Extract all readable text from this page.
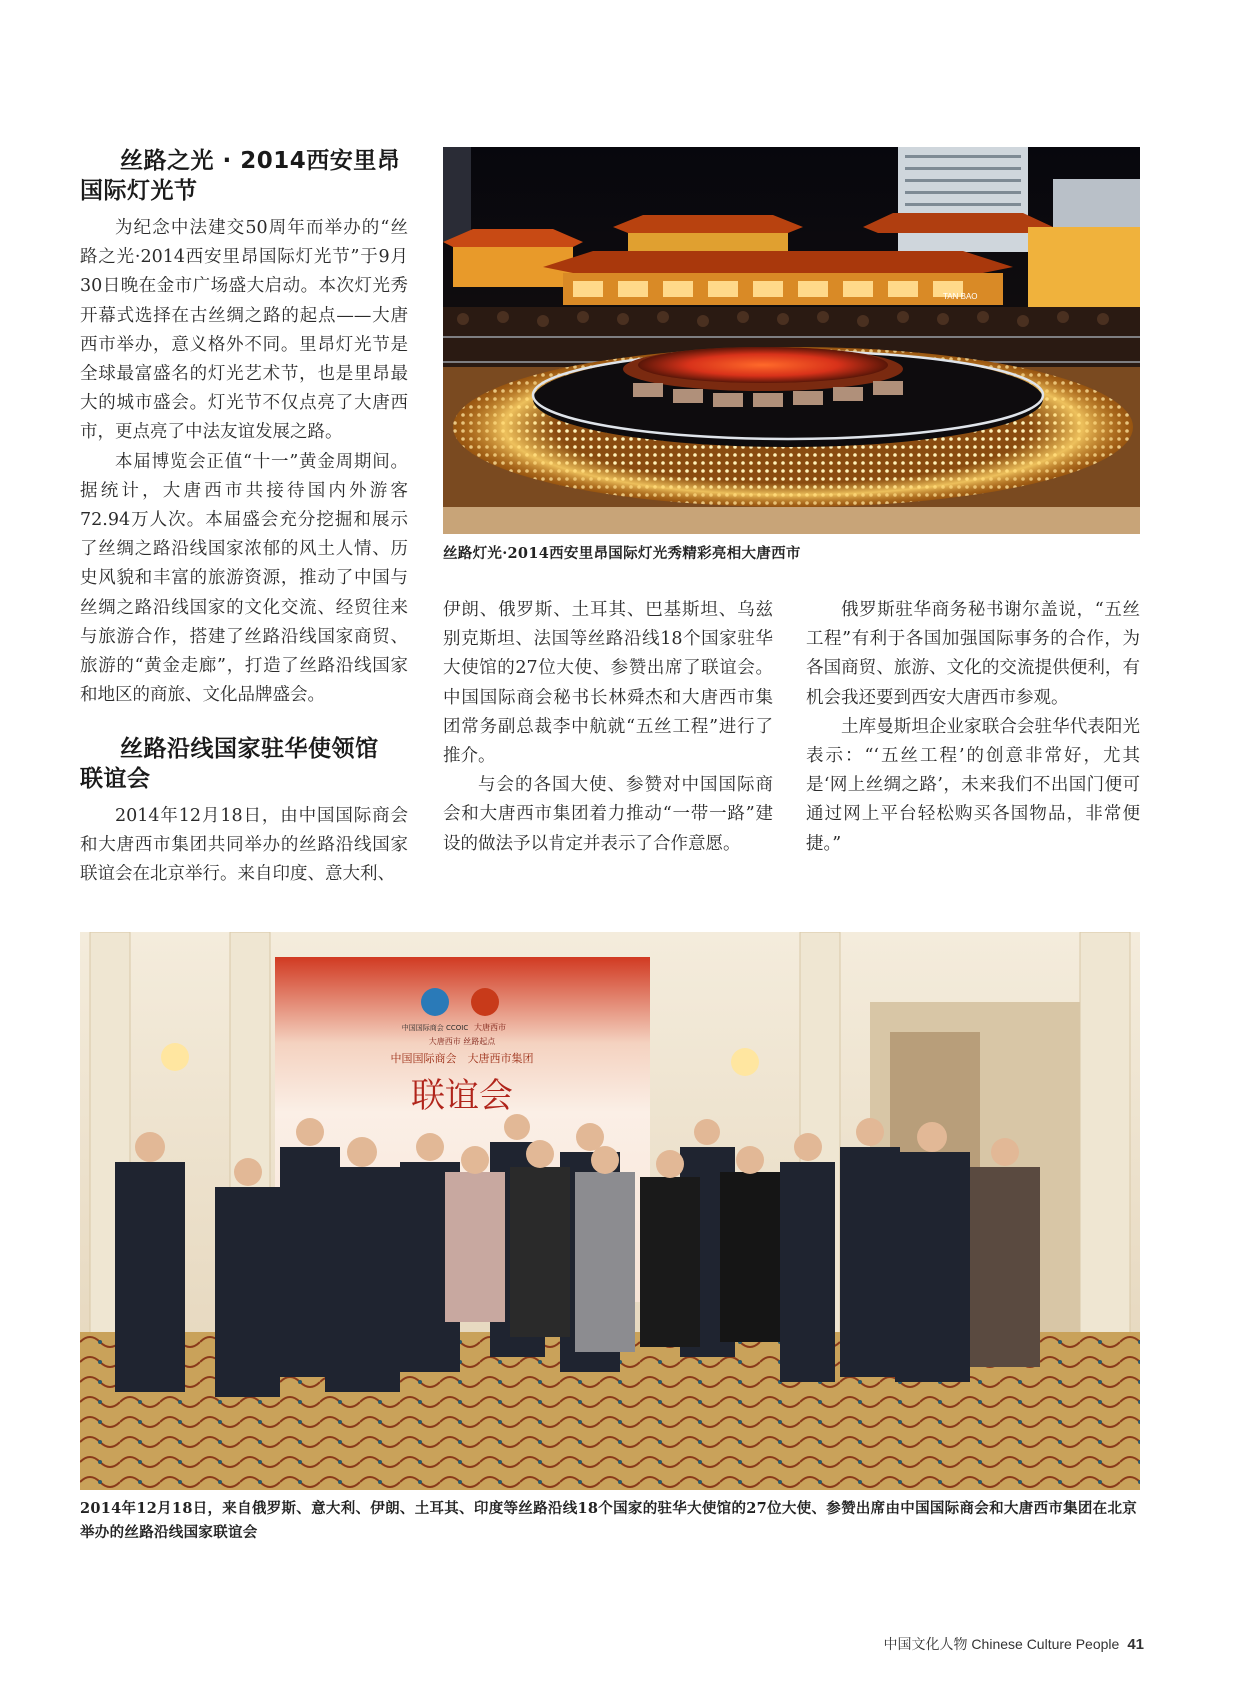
丝路之光 · 2014西安里昂
国际灯光节

为纪念中法建交50周年而举办的“丝路之光·2014西安里昂国际灯光节”于9月30日晚在金市广场盛大启动。本次灯光秀开幕式选择在古丝绸之路的起点——大唐西市举办，意义格外不同。里昂灯光节是全球最富盛名的灯光艺术节，也是里昂最大的城市盛会。灯光节不仅点亮了大唐西市，更点亮了中法友谊发展之路。

本届博览会正值“十一”黄金周期间。据统计，大唐西市共接待国内外游客72.94万人次。本届盛会充分挖掘和展示了丝绸之路沿线国家浓郁的风土人情、历史风貌和丰富的旅游资源，推动了中国与丝绸之路沿线国家的文化交流、经贸往来与旅游合作，搭建了丝路沿线国家商贸、旅游的“黄金走廊”，打造了丝路沿线国家和地区的商旅、文化品牌盛会。

TAN BAO
丝路灯光·2014西安里昂国际灯光秀精彩亮相大唐西市
丝路沿线国家驻华使领馆
联谊会

2014年12月18日，由中国国际商会和大唐西市集团共同举办的丝路沿线国家联谊会在北京举行。来自印度、意大利、

伊朗、俄罗斯、土耳其、巴基斯坦、乌兹别克斯坦、法国等丝路沿线18个国家驻华大使馆的27位大使、参赞出席了联谊会。中国国际商会秘书长林舜杰和大唐西市集团常务副总裁李中航就“五丝工程”进行了推介。

与会的各国大使、参赞对中国国际商会和大唐西市集团着力推动“一带一路”建设的做法予以肯定并表示了合作意愿。

俄罗斯驻华商务秘书谢尔盖说，“五丝工程”有利于各国加强国际事务的合作，为各国商贸、旅游、文化的交流提供便利，有机会我还要到西安大唐西市参观。

土库曼斯坦企业家联合会驻华代表阳光表示：“‘五丝工程’的创意非常好，尤其是‘网上丝绸之路’，未来我们不出国门便可通过网上平台轻松购买各国物品，非常便捷。”

中国国际商会 CCOIC 大唐西市
大唐西市 丝路起点
中国国际商会　大唐西市集团
联谊会
2014年12月18日，来自俄罗斯、意大利、伊朗、土耳其、印度等丝路沿线18个国家的驻华大使馆的27位大使、参赞出席由中国国际商会和大唐西市集团在北京举办的丝路沿线国家联谊会
中国文化人物 Chinese Culture People 41
